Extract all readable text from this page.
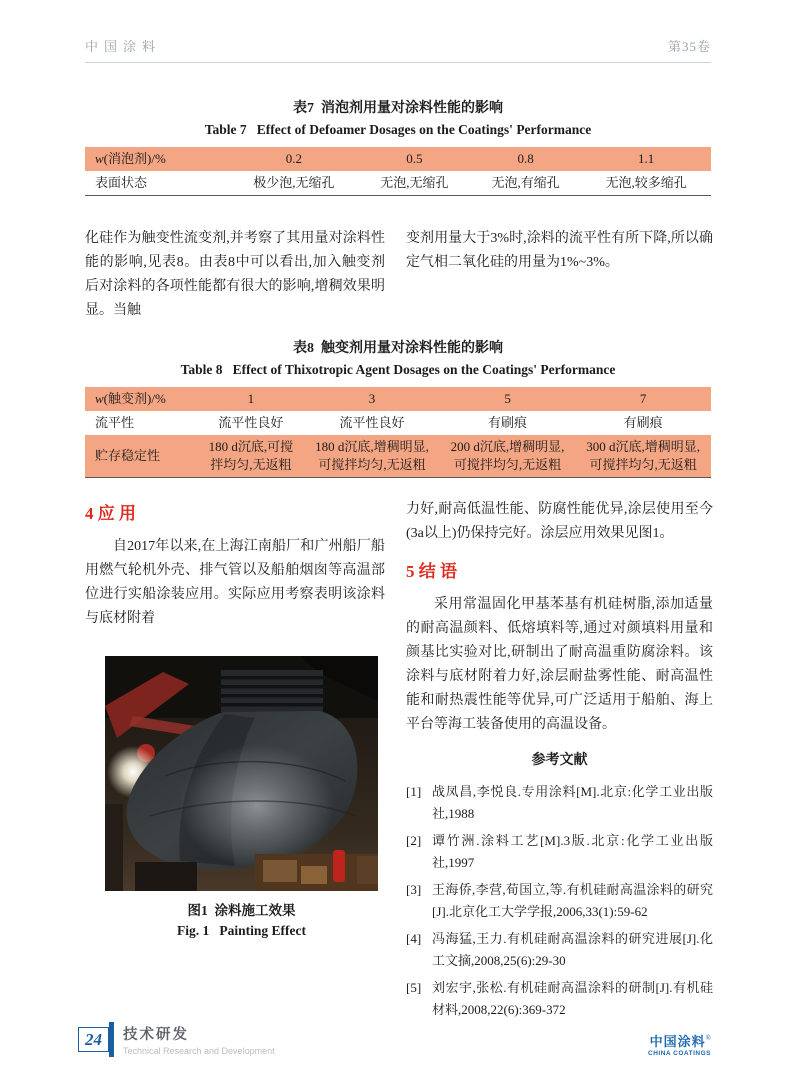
中国涂料	第35卷
表7  消泡剂用量对涂料性能的影响
Table 7   Effect of Defoamer Dosages on the Coatings' Performance
w(消泡剂)/%	0.2	0.5	0.8	1.1
表面状态	极少泡,无缩孔	无泡,无缩孔	无泡,有缩孔	无泡,较多缩孔

化硅作为触变性流变剂,并考察了其用量对涂料性能的影响,见表8。由表8中可以看出,加入触变剂后对涂料的各项性能都有很大的影响,增稠效果明显。当触

变剂用量大于3%时,涂料的流平性有所下降,所以确定气相二氧化硅的用量为1%~3%。

表8  触变剂用量对涂料性能的影响
Table 8   Effect of Thixotropic Agent Dosages on the Coatings' Performance
w(触变剂)/%	1	3	5	7
流平性	流平性良好	流平性良好	有刷痕	有刷痕
贮存稳定性	180 d沉底,可搅拌均匀,无返粗	180 d沉底,增稠明显,可搅拌均匀,无返粗	200 d沉底,增稠明显,可搅拌均匀,无返粗	300 d沉底,增稠明显,可搅拌均匀,无返粗
4 应 用

自2017年以来,在上海江南船厂和广州船厂船用燃气轮机外壳、排气管以及船舶烟囱等高温部位进行实船涂装应用。实际应用考察表明该涂料与底材附着

图1  涂料施工效果
Fig. 1   Painting Effect

力好,耐高低温性能、防腐性能优异,涂层使用至今(3a以上)仍保持完好。涂层应用效果见图1。

5 结 语

采用常温固化甲基苯基有机硅树脂,添加适量的耐高温颜料、低熔填料等,通过对颜填料用量和颜基比实验对比,研制出了耐高温重防腐涂料。该涂料与底材附着力好,涂层耐盐雾性能、耐高温性能和耐热震性能等优异,可广泛适用于船舶、海上平台等海工装备使用的高温设备。

参考文献
[1] 战凤昌,李悦良.专用涂料[M].北京:化学工业出版社,1988
[2] 谭竹洲.涂料工艺[M].3版.北京:化学工业出版社,1997
[3] 王海侨,李营,荀国立,等.有机硅耐高温涂料的研究[J].北京化工大学学报,2006,33(1):59-62
[4] 冯海猛,王力.有机硅耐高温涂料的研究进展[J].化工文摘,2008,25(6):29-30
[5] 刘宏宇,张松.有机硅耐高温涂料的研制[J].有机硅材料,2008,22(6):369-372
中国涂料®
CHINA COATINGS
24	技术研发
Technical Research and Development
